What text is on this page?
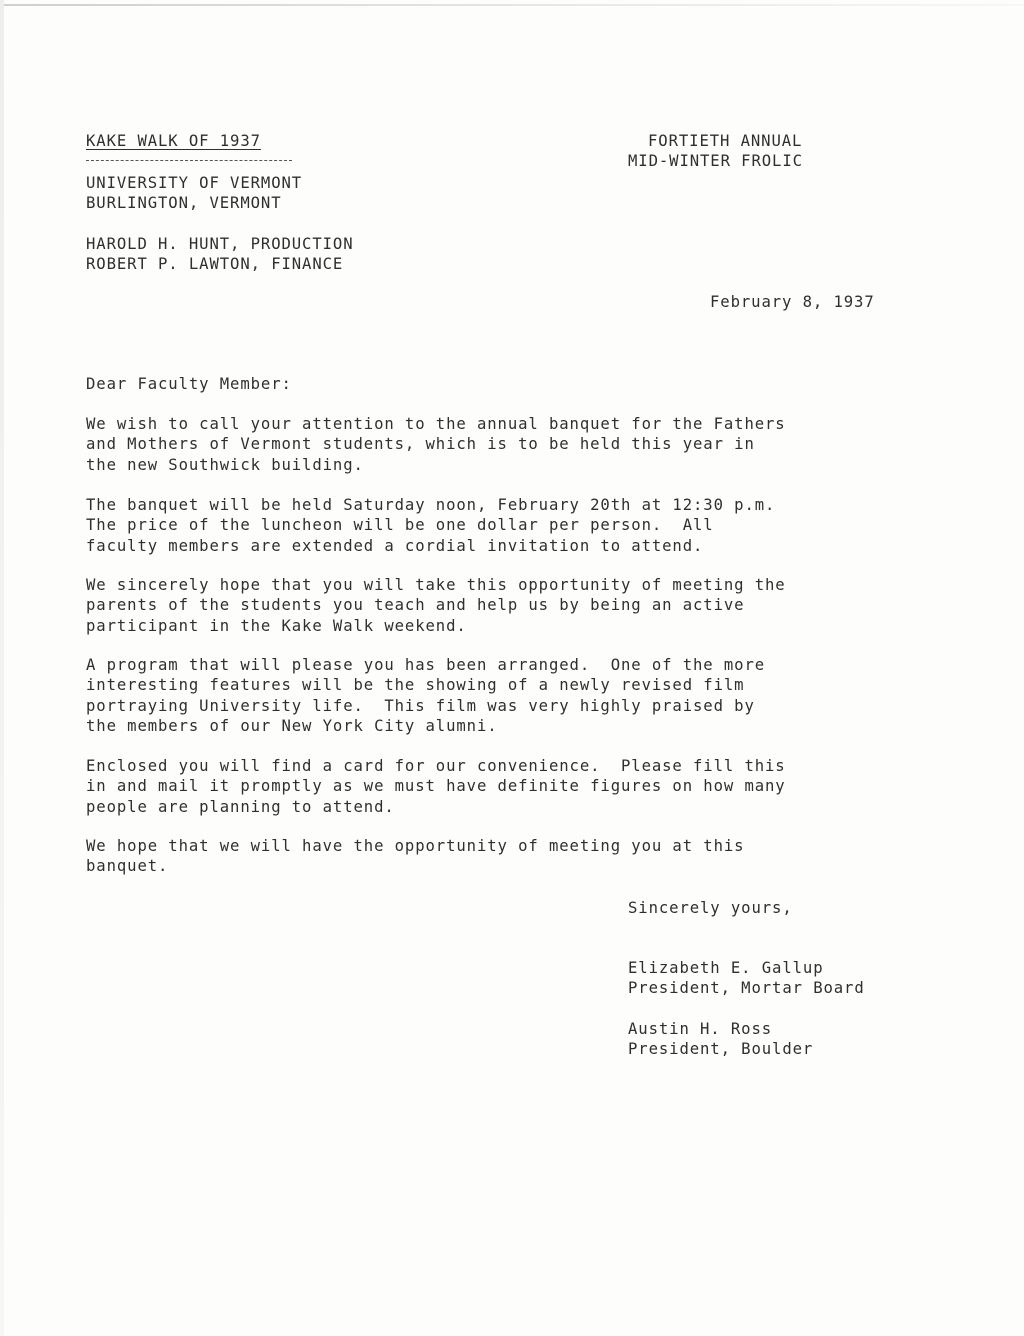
KAKE WALK OF 1937
UNIVERSITY OF VERMONT
BURLINGTON, VERMONT
HAROLD H. HUNT, PRODUCTION
ROBERT P. LAWTON, FINANCE
FORTIETH ANNUAL
MID-WINTER FROLIC
February 8, 1937
Dear Faculty Member:

We wish to call your attention to the annual banquet for the Fathers

and Mothers of Vermont students, which is to be held this year in

the new Southwick building.

The banquet will be held Saturday noon, February 20th at 12:30 p.m.

The price of the luncheon will be one dollar per person.  All

faculty members are extended a cordial invitation to attend.

We sincerely hope that you will take this opportunity of meeting the

parents of the students you teach and help us by being an active

participant in the Kake Walk weekend.

A program that will please you has been arranged.  One of the more

interesting features will be the showing of a newly revised film

portraying University life.  This film was very highly praised by

the members of our New York City alumni.

Enclosed you will find a card for our convenience.  Please fill this

in and mail it promptly as we must have definite figures on how many

people are planning to attend.

We hope that we will have the opportunity of meeting you at this

banquet.

Sincerely yours,
Elizabeth E. Gallup
President, Mortar Board
Austin H. Ross
President, Boulder
